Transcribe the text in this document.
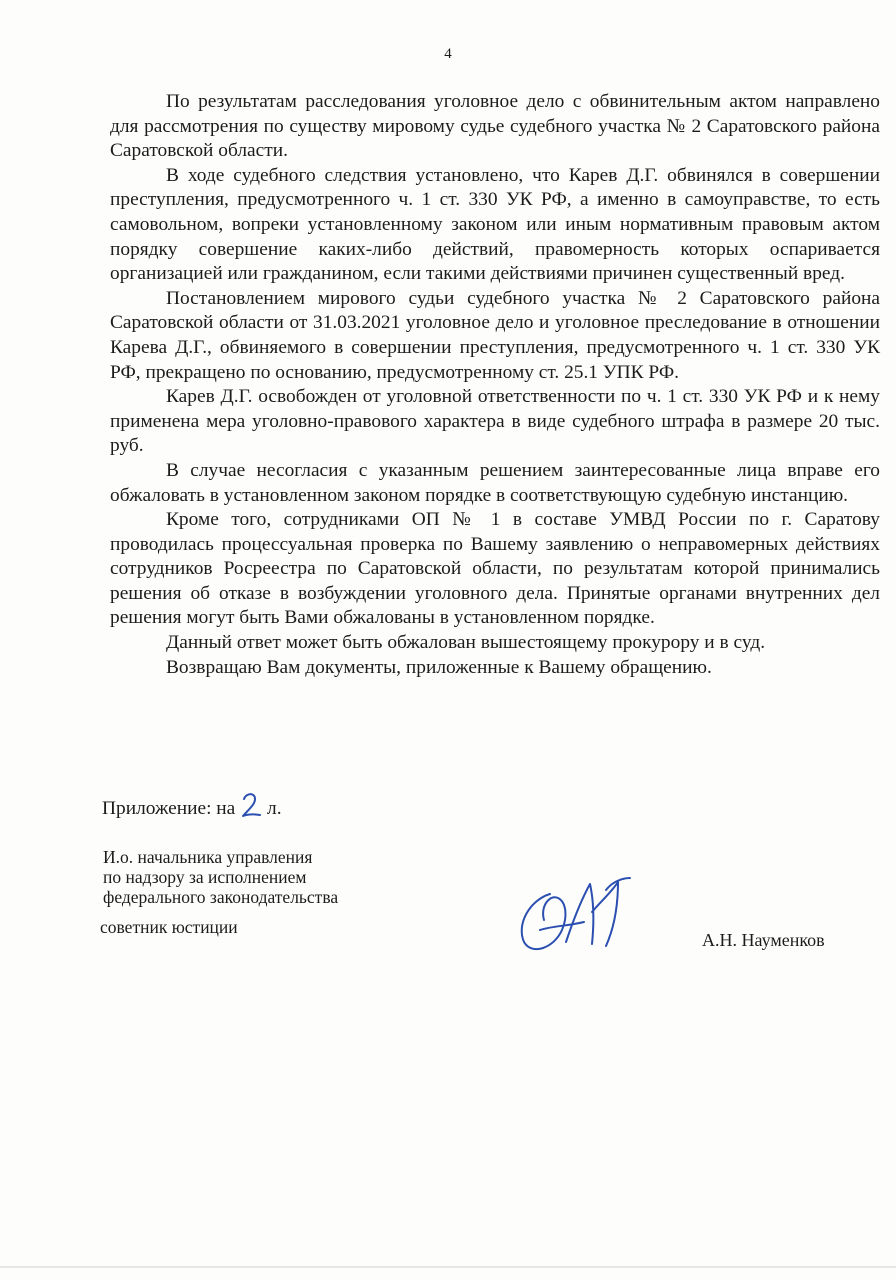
4

По результатам расследования уголовное дело с обвинительным актом направлено для рассмотрения по существу мировому судье судебного участка № 2 Саратовского района Саратовской области.

В ходе судебного следствия установлено, что Карев Д.Г. обвинялся в совершении преступления, предусмотренного ч. 1 ст. 330 УК РФ, а именно в самоуправстве, то есть самовольном, вопреки установленному законом или иным нормативным правовым актом порядку совершение каких-либо действий, правомерность которых оспаривается организацией или гражданином, если такими действиями причинен существенный вред.

Постановлением мирового судьи судебного участка № 2 Саратовского района Саратовской области от 31.03.2021 уголовное дело и уголовное преследование в отношении Карева Д.Г., обвиняемого в совершении преступления, предусмотренного ч. 1 ст. 330 УК РФ, прекращено по основанию, предусмотренному ст. 25.1 УПК РФ.

Карев Д.Г. освобожден от уголовной ответственности по ч. 1 ст. 330 УК РФ и к нему применена мера уголовно-правового характера в виде судебного штрафа в размере 20 тыс. руб.

В случае несогласия с указанным решением заинтересованные лица вправе его обжаловать в установленном законом порядке в соответствующую судебную инстанцию.

Кроме того, сотрудниками ОП № 1 в составе УМВД России по г. Саратову проводилась процессуальная проверка по Вашему заявлению о неправомерных действиях сотрудников Росреестра по Саратовской области, по результатам которой принимались решения об отказе в возбуждении уголовного дела. Принятые органами внутренних дел решения могут быть Вами обжалованы в установленном порядке.

Данный ответ может быть обжалован вышестоящему прокурору и в суд.

Возвращаю Вам документы, приложенные к Вашему обращению.

Приложение: на л.
И.о. начальника управления
по надзору за исполнением
федерального законодательства
советник юстиции
А.Н. Науменков
